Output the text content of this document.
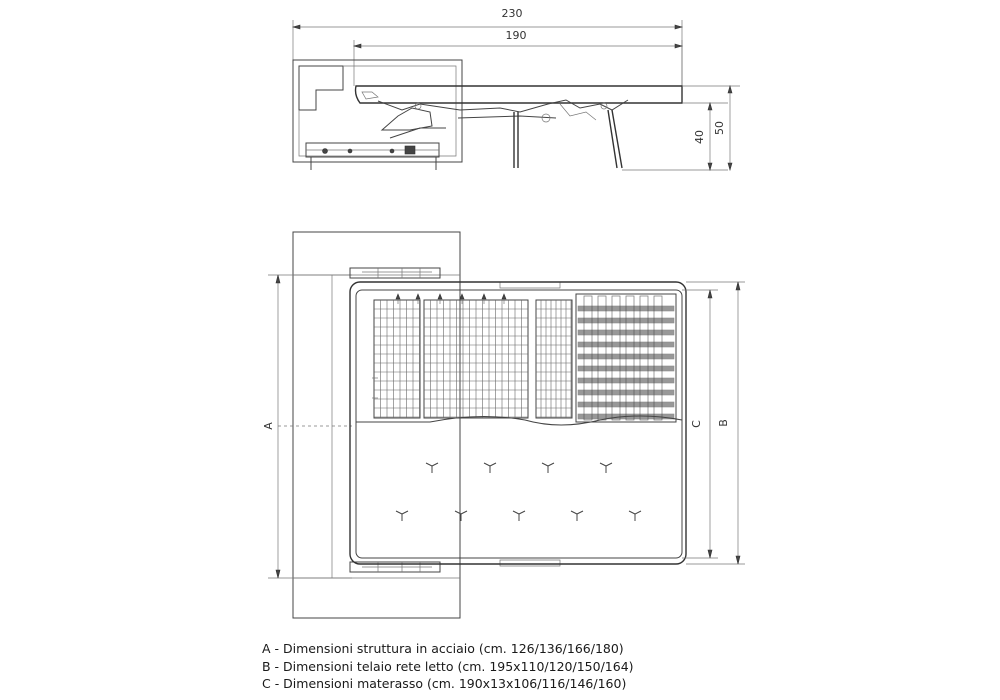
230
190
40
50
A	B
C
A - Dimensioni struttura in acciaio (cm. 126/136/166/180)
B - Dimensioni telaio rete letto (cm. 195x110/120/150/164)
C - Dimensioni materasso (cm. 190x13x106/116/146/160)
